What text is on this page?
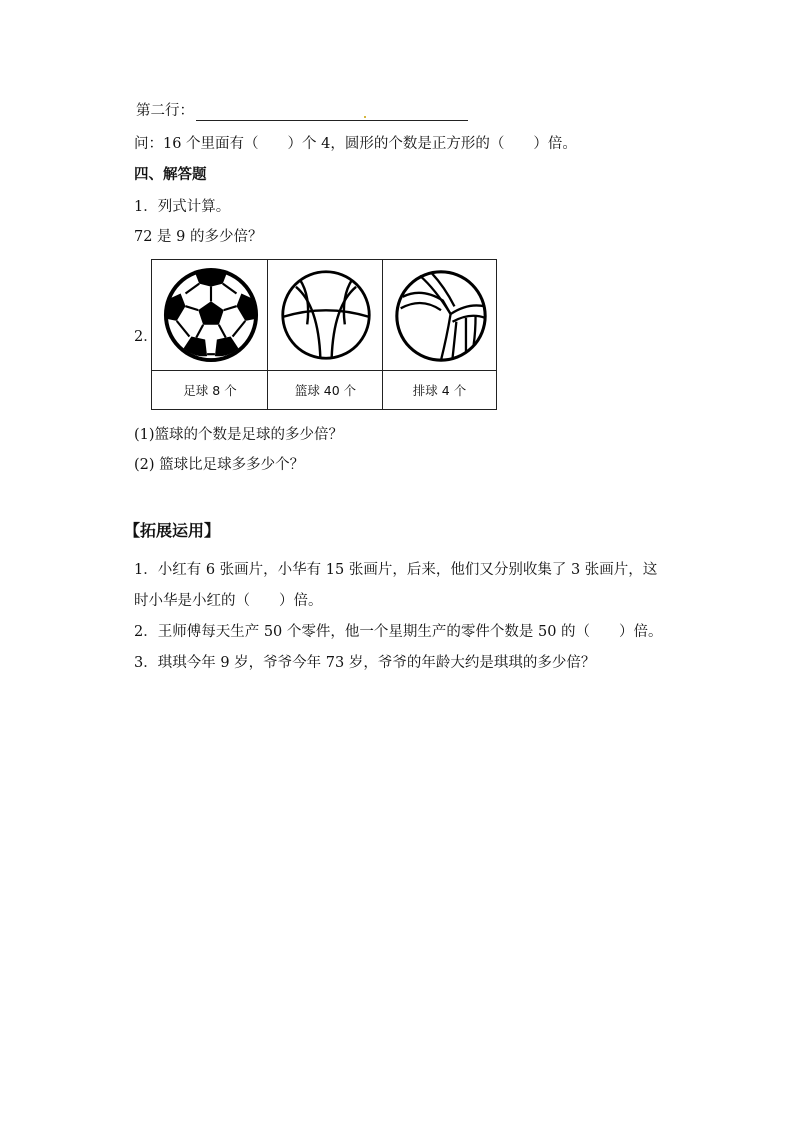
第二行：
问：16 个里面有（　　）个 4，圆形的个数是正方形的（　　）倍。
四、解答题
1．列式计算。
72 是 9 的多少倍？
2．
足球 8 个	篮球 40 个	排球 4 个
(1)篮球的个数是足球的多少倍？
(2) 篮球比足球多多少个？
【拓展运用】
1．小红有 6 张画片，小华有 15 张画片，后来，他们又分别收集了 3 张画片，这
时小华是小红的（　　）倍。
2．王师傅每天生产 50 个零件，他一个星期生产的零件个数是 50 的（　　）倍。
3．琪琪今年 9 岁，爷爷今年 73 岁，爷爷的年龄大约是琪琪的多少倍？
